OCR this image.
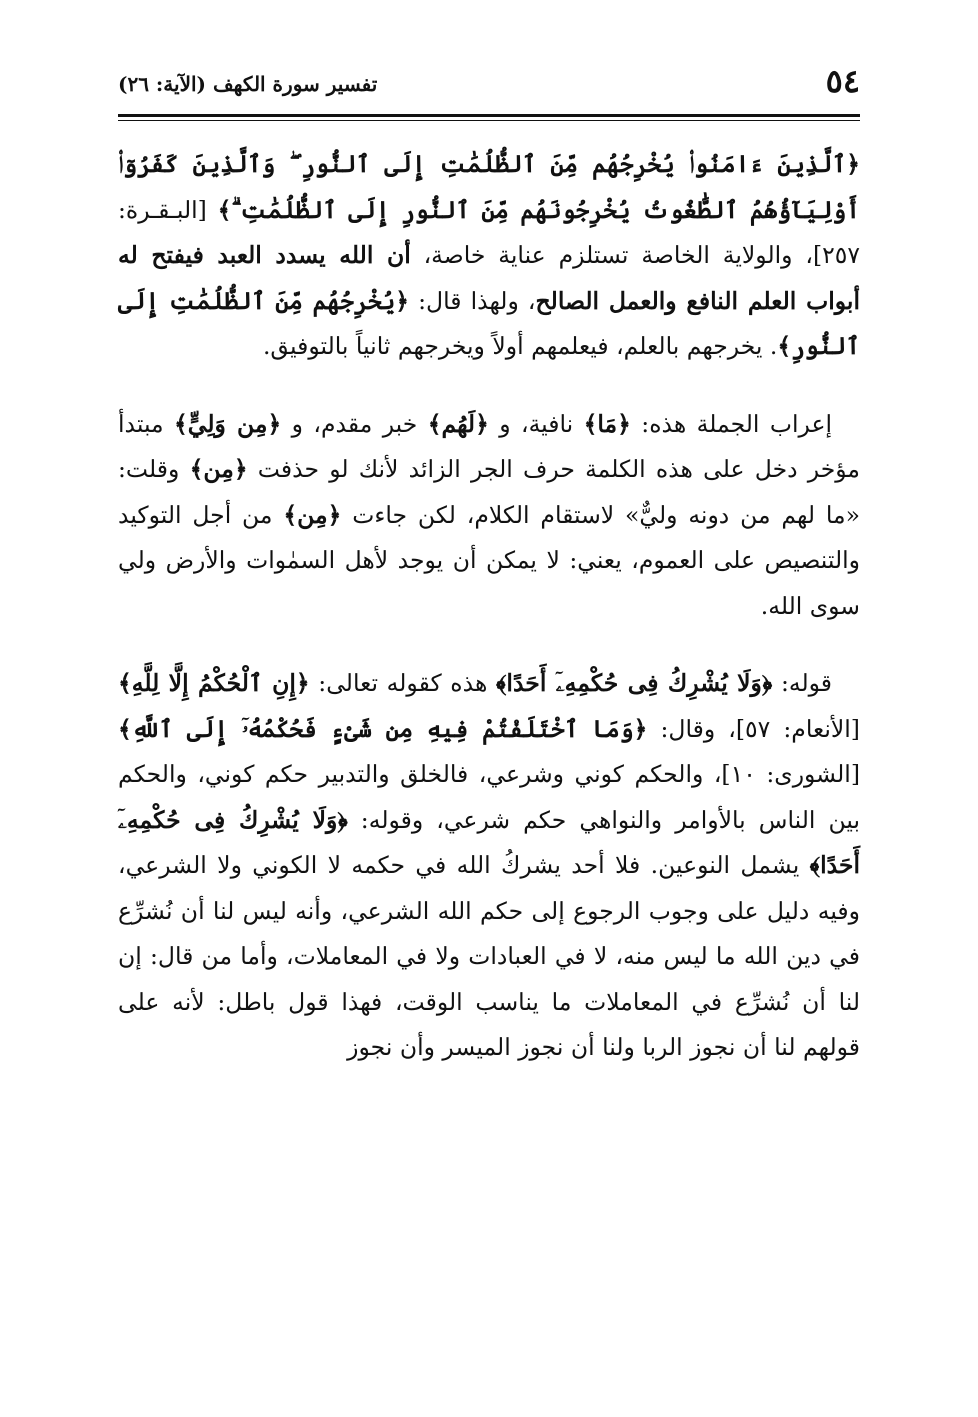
تفسير سورة الكهف (الآية: ٢٦)	٥٤

﴿ٱلَّذِينَ ءَامَنُوا۟ يُخْرِجُهُم مِّنَ ٱلظُّلُمَٰتِ إِلَى ٱلنُّورِ ۖ وَٱلَّذِينَ كَفَرُوٓا۟ أَوْلِيَآؤُهُمُ ٱلطَّٰغُوتُ يُخْرِجُونَهُم مِّنَ ٱلنُّورِ إِلَى ٱلظُّلُمَٰتِ ۗ﴾ [البـقـرة: ٢٥٧]، والولاية الخاصة تستلزم عناية خاصة، أن الله يسدد العبد فيفتح له أبواب العلم النافع والعمل الصالح، ولهذا قال: ﴿يُخْرِجُهُم مِّنَ ٱلظُّلُمَٰتِ إِلَى ٱلنُّورِ﴾. يخرجهم بالعلم، فيعلمهم أولاً ويخرجهم ثانياً بالتوفيق.

إعراب الجملة هذه: ﴿مَا﴾ نافية، و ﴿لَهُم﴾ خبر مقدم، و ﴿مِن وَلِيٍّ﴾ مبتدأ مؤخر دخل على هذه الكلمة حرف الجر الزائد لأنك لو حذفت ﴿مِن﴾ وقلت: «ما لهم من دونه وليٌّ» لاستقام الكلام، لكن جاءت ﴿مِن﴾ من أجل التوكيد والتنصيص على العموم، يعني: لا يمكن أن يوجد لأهل السمٰوات والأرض ولي سوى الله.

قوله: ﴿وَلَا يُشْرِكُ فِى حُكْمِهِۦٓ أَحَدًا﴾ هذه كقوله تعالى: ﴿إِنِ ٱلْحُكْمُ إِلَّا لِلَّهِ﴾ [الأنعام: ٥٧]، وقال: ﴿وَمَا ٱخْتَلَفْتُمْ فِيهِ مِن شَىْءٍ فَحُكْمُهُۥٓ إِلَى ٱللَّهِ﴾ [الشورى: ١٠]، والحكم كوني وشرعي، فالخلق والتدبير حكم كوني، والحكم بين الناس بالأوامر والنواهي حكم شرعي، وقوله: ﴿وَلَا يُشْرِكُ فِى حُكْمِهِۦٓ أَحَدًا﴾ يشمل النوعين. فلا أحد يشركُ الله في حكمه لا الكوني ولا الشرعي، وفيه دليل على وجوب الرجوع إلى حكم الله الشرعي، وأنه ليس لنا أن نُشرِّع في دين الله ما ليس منه، لا في العبادات ولا في المعاملات، وأما من قال: إن لنا أن نُشرِّع في المعاملات ما يناسب الوقت، فهذا قول باطل: لأنه على قولهم لنا أن نجوز الربا ولنا أن نجوز الميسر وأن نجوز
